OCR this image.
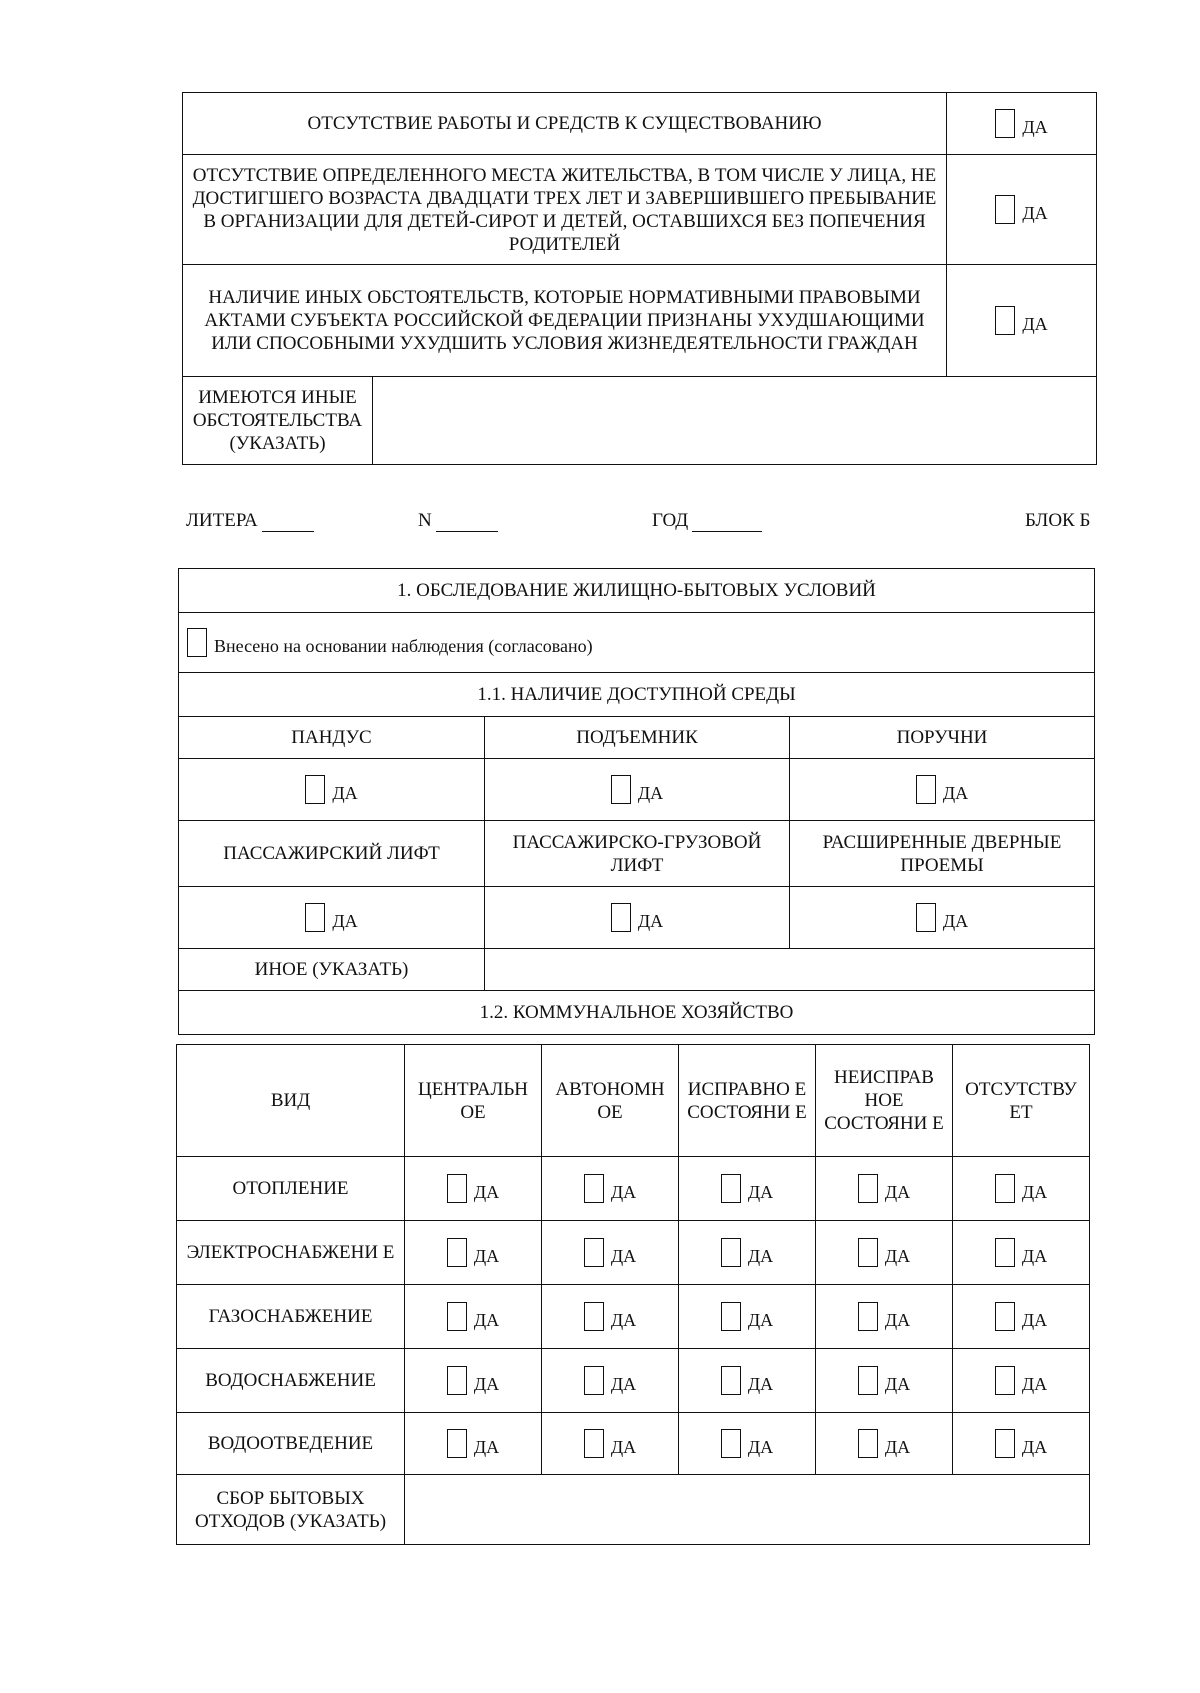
ОТСУТСТВИЕ РАБОТЫ И СРЕДСТВ К СУЩЕСТВОВАНИЮ		ДА
ОТСУТСТВИЕ ОПРЕДЕЛЕННОГО МЕСТА ЖИТЕЛЬСТВА, В ТОМ ЧИСЛЕ У ЛИЦА, НЕ ДОСТИГШЕГО ВОЗРАСТА ДВАДЦАТИ ТРЕХ ЛЕТ И ЗАВЕРШИВШЕГО ПРЕБЫВАНИЕ В ОРГАНИЗАЦИИ ДЛЯ ДЕТЕЙ-СИРОТ И ДЕТЕЙ, ОСТАВШИХСЯ БЕЗ ПОПЕЧЕНИЯ РОДИТЕЛЕЙ		ДА
НАЛИЧИЕ ИНЫХ ОБСТОЯТЕЛЬСТВ, КОТОРЫЕ НОРМАТИВНЫМИ ПРАВОВЫМИ АКТАМИ СУБЪЕКТА РОССИЙСКОЙ ФЕДЕРАЦИИ ПРИЗНАНЫ УХУДШАЮЩИМИ ИЛИ СПОСОБНЫМИ УХУДШИТЬ УСЛОВИЯ ЖИЗНЕДЕЯТЕЛЬНОСТИ ГРАЖДАН		ДА
ИМЕЮТСЯ ИНЫЕ ОБСТОЯТЕЛЬСТВА (УКАЗАТЬ)		
ЛИТЕРА	N	ГОД	БЛОК Б
1. ОБСЛЕДОВАНИЕ ЖИЛИЩНО-БЫТОВЫХ УСЛОВИЙ		
Внесено на основании наблюдения (согласовано)		
1.1. НАЛИЧИЕ ДОСТУПНОЙ СРЕДЫ		
ПАНДУС	ПОДЪЕМНИК	ПОРУЧНИ
ДА	ДА	ДА
ПАССАЖИРСКИЙ ЛИФТ	ПАССАЖИРСКО-ГРУЗОВОЙ ЛИФТ	РАСШИРЕННЫЕ ДВЕРНЫЕ ПРОЕМЫ
ДА	ДА	ДА
ИНОЕ (УКАЗАТЬ)		
1.2. КОММУНАЛЬНОЕ ХОЗЯЙСТВО		
ВИД	ЦЕНТРАЛЬН ОЕ	АВТОНОМН ОЕ	ИСПРАВНО Е СОСТОЯНИ Е	НЕИСПРАВ НОЕ СОСТОЯНИ Е	ОТСУТСТВУ ЕТ
ОТОПЛЕНИЕ	ДА	ДА	ДА	ДА	ДА
ЭЛЕКТРОСНАБЖЕНИ Е	ДА	ДА	ДА	ДА	ДА
ГАЗОСНАБЖЕНИЕ	ДА	ДА	ДА	ДА	ДА
ВОДОСНАБЖЕНИЕ	ДА	ДА	ДА	ДА	ДА
ВОДООТВЕДЕНИЕ	ДА	ДА	ДА	ДА	ДА
СБОР БЫТОВЫХ ОТХОДОВ (УКАЗАТЬ)					
